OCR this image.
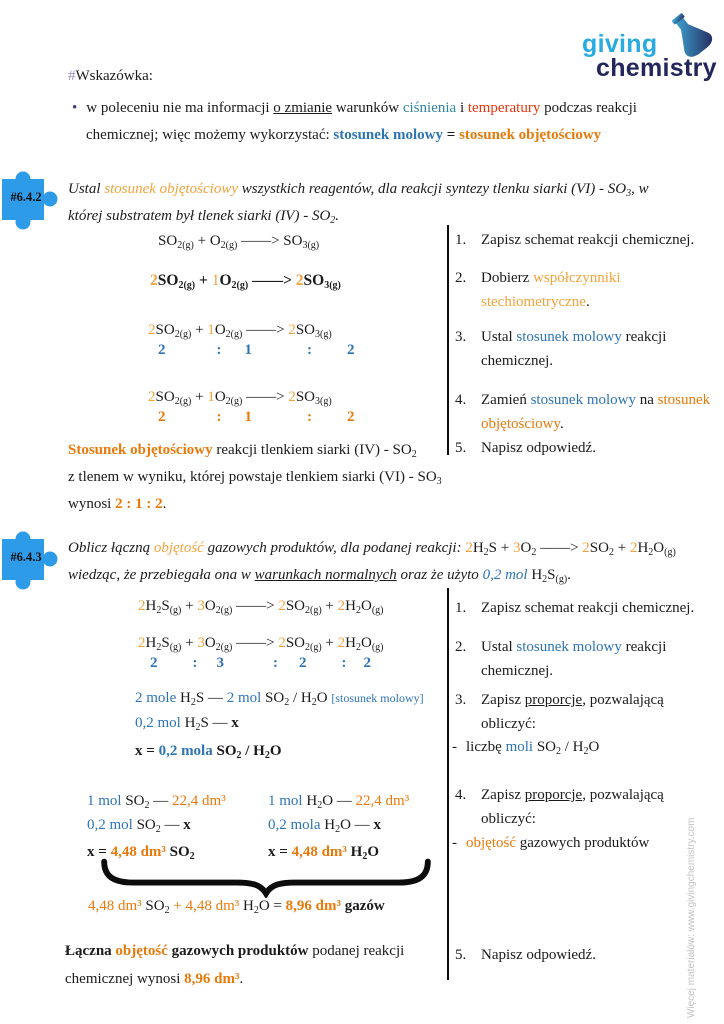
giving
chemistry
#Wskazówka:
• w poleceniu nie ma informacji o zmianie warunków ciśnienia i temperatury podczas reakcji
chemicznej; więc możemy wykorzystać: stosunek molowy = stosunek objętościowy
#6.4.2	Ustal stosunek objętościowy wszystkich reagentów, dla reakcji syntezy tlenku siarki $(VI) - SO_3$, w
której substratem był tlenek siarki $(IV) - SO_2$.
$SO_{2(g)} + O_{2(g)}$ ——> $SO_{3(g)}$
$2SO_{2(g)} + 1O_{2(g)}$ ——> $2SO_{3(g)}$
$2SO_{2(g)} + 1O_{2(g)}$ ——> $2SO_{3(g)}$
2	: 1	: 2
$2SO_{2(g)} + 1O_{2(g)}$ ——> $2SO_{3(g)}$
2	: 1	: 2
Stosunek objętościowy reakcji tlenkiem siarki $(IV) - SO_2$
z tlenem w wyniku, której powstaje tlenkiem siarki $(VI) - SO_3$
wynosi 2 : 1 : 2.
1. Zapisz schemat reakcji chemicznej.
2. Dobierz współczynniki
stechiometryczne.
3. Ustal stosunek molowy reakcji
chemicznej.
4. Zamień stosunek molowy na stosunek
objętościowy.
5. Napisz odpowiedź.
#6.4.3
Oblicz łączną objętość gazowych produktów, dla podanej reakcji: $2H_2S + 3O_2$ ——> $2SO_2 + 2H_2O_{(g)}$
wiedząc, że przebiegała ona w warunkach normalnych oraz że użyto 0,2 mol $H_2S_{(g)}$.
$2H_2S_{(g)} + 3O_{2(g)}$ ——> $2SO_{2(g)} + 2H_2O_{(g)}$
$2H_2S_{(g)} + 3O_{2(g)}$ ——> $2SO_{2(g)} + 2H_2O_{(g)}$
2 : 3	: 2 : 2
2 mole $H_2S$ — 2 mol $SO_2 / H_2O$ [stosunek molowy]
0,2 mol $H_2S$ — x
x = 0,2 mola $SO_2 / H_2O$
1 mol $SO_2$ — 22,4 dm³
0,2 mol $SO_2$ — x
x = 4,48 dm³ $SO_2$
1 mol $H_2O$ — 22,4 dm³
0,2 mola $H_2O$ — x
x = 4,48 dm³ $H_2O$
4,48 dm³ $SO_2 + 4,48$ dm³ $H_2O = 8,96$ dm³ gazów
Łączna objętość gazowych produktów podanej reakcji
chemicznej wynosi 8,96 dm³.
1. Zapisz schemat reakcji chemicznej.
2. Ustal stosunek molowy reakcji
chemicznej.
3. Zapisz proporcje, pozwalającą
obliczyć:
- liczbę moli $SO_2 / H_2O$
4. Zapisz proporcje, pozwalającą
obliczyć:
- objętość gazowych produktów
5. Napisz odpowiedź.	Więcej materiałów: www.givingchemistry.com
